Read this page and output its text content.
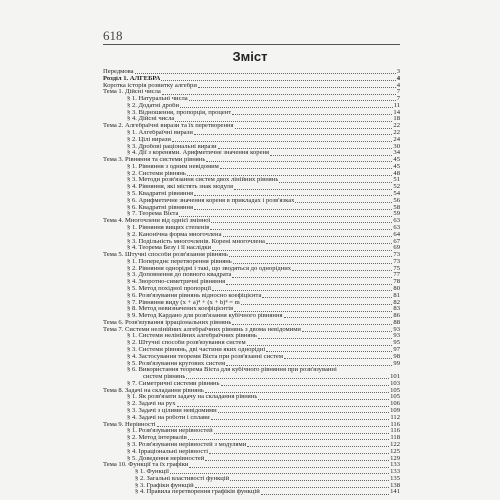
618
Зміст
Передмова	3
Розділ 1. АЛГЕБРА	4
Коротка історія розвитку алгебри	4
Тема 1. Дійсні числа	7
§ 1. Натуральні числа	7
§ 2. Додатні дроби	11
§ 3. Відношення, пропорція, процент	14
§ 4. Дійсні числа	18
Тема 2. Алгебраїчні вирази та їх перетворення	22
§ 1. Алгебраїчні вирази	22
§ 2. Цілі вирази	24
§ 3. Дробові раціональні вирази	30
§ 4. Дії з коренями. Арифметичне значення кореня	34
Тема 3. Рівняння та системи рівнянь	45
§ 1. Рівняння з одним невідомим	45
§ 2. Системи рівнянь	48
§ 3. Методи розв'язання систем двох лінійних рівнянь	51
§ 4. Рівняння, які містять знак модуля	52
§ 5. Квадратні рівняння	54
§ 6. Арифметичне значення кореня в прикладах і розв'язках	56
§ 6. Квадратні рівняння	58
§ 7. Теорема Вієта	59
Тема 4. Многочлени від однієї змінної	63
§ 1. Рівняння вищих степенів	63
§ 2. Канонічна форма многочлена	64
§ 3. Подільність многочленів. Корені многочлена	67
§ 4. Теорема Безу і її наслідки	69
Тема 5. Штучні способи розв'язання рівнянь	73
§ 1. Попереднє перетворення рівнянь	73
§ 2. Рівняння однорідні і такі, що зводяться до однорідних	75
§ 3. Доповнення до повного квадрата	77
§ 4. Зворотно-симетричні рівняння	78
§ 5. Метод похідної пропорції	80
§ 6. Розв'язування рівнянь відносно коефіцієнта	81
§ 7. Рівняння виду (x + a)⁴ + (x + b)⁴ = m	82
§ 8. Метод невизначених коефіцієнтів	83
§ 9. Метод Кардано для розв'язання кубічного рівняння	86
Тема 6. Розв'язування ірраціональних рівнянь	88
Тема 7. Системи нелінійних алгебраїчних рівнянь з двома невідомими	93
§ 1. Системи нелінійних алгебраїчних рівнянь	93
§ 2. Штучні способи розв'язування систем	95
§ 3. Системи рівнянь, дві частини яких однорідні	97
§ 4. Застосування теореми Вієта при розв'язанні систем	98
§ 5. Розв'язування кругових систем	99
§ 6. Використання теорема Вієта для кубічного рівняння при розв'язуванні
систем рівнянь	101
§ 7. Симетричні системи рівнянь	103
Тема 8. Задачі на складання рівнянь	105
§ 1. Як розв'язати задачу на складання рівнянь	105
§ 2. Задачі на рух	106
§ 3. Задачі з цілими невідомими	109
§ 4. Задачі на роботи і сплави	112
Тема 9. Нерівності	116
§ 1. Розв'язування нерівностей	116
§ 2. Метод інтервалів	118
§ 3. Розв'язування нерівностей з модулями	122
§ 4. Ірраціональні нерівності	125
§ 5. Доведення нерівностей	129
Тема 10. Функції та їх графіки	133
§ 1. Функції	133
§ 2. Загальні властивості функцій	135
§ 3. Графіки функцій	138
§ 4. Правила перетворення графіків функцій	141
